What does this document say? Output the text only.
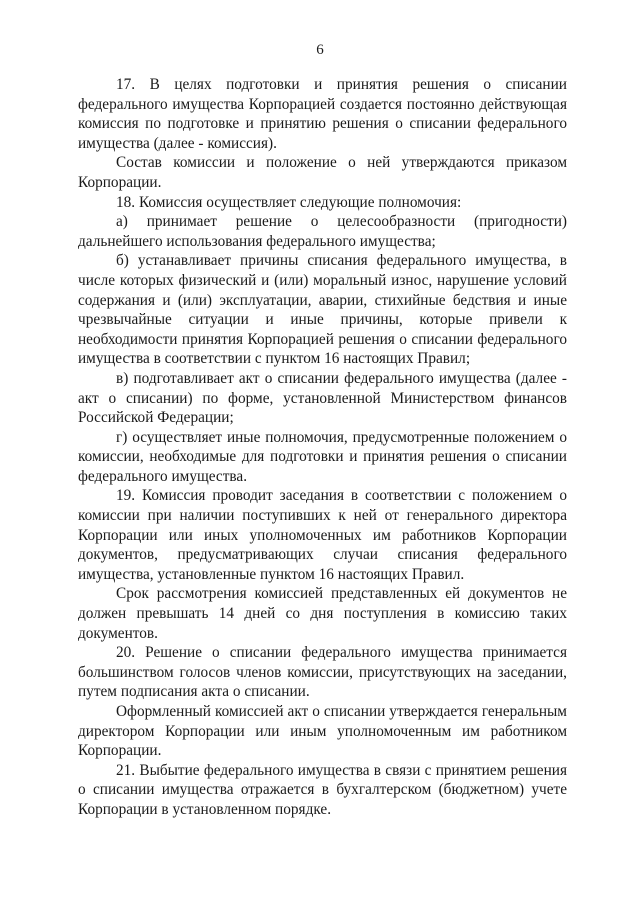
6

17. В целях подготовки и принятия решения о списании федерального имущества Корпорацией создается постоянно действующая комиссия по подготовке и принятию решения о списании федерального имущества (далее - комиссия).

Состав комиссии и положение о ней утверждаются приказом Корпорации.

18. Комиссия осуществляет следующие полномочия:

а) принимает решение о целесообразности (пригодности) дальнейшего использования федерального имущества;

б) устанавливает причины списания федерального имущества, в числе которых физический и (или) моральный износ, нарушение условий содержания и (или) эксплуатации, аварии, стихийные бедствия и иные чрезвычайные ситуации и иные причины, которые привели к необходимости принятия Корпорацией решения о списании федерального имущества в соответствии с пунктом 16 настоящих Правил;

в) подготавливает акт о списании федерального имущества (далее - акт о списании) по форме, установленной Министерством финансов Российской Федерации;

г) осуществляет иные полномочия, предусмотренные положением о комиссии, необходимые для подготовки и принятия решения о списании федерального имущества.

19. Комиссия проводит заседания в соответствии с положением о комиссии при наличии поступивших к ней от генерального директора Корпорации или иных уполномоченных им работников Корпорации документов, предусматривающих случаи списания федерального имущества, установленные пунктом 16 настоящих Правил.

Срок рассмотрения комиссией представленных ей документов не должен превышать 14 дней со дня поступления в комиссию таких документов.

20. Решение о списании федерального имущества принимается большинством голосов членов комиссии, присутствующих на заседании, путем подписания акта о списании.

Оформленный комиссией акт о списании утверждается генеральным директором Корпорации или иным уполномоченным им работником Корпорации.

21. Выбытие федерального имущества в связи с принятием решения о списании имущества отражается в бухгалтерском (бюджетном) учете Корпорации в установленном порядке.
